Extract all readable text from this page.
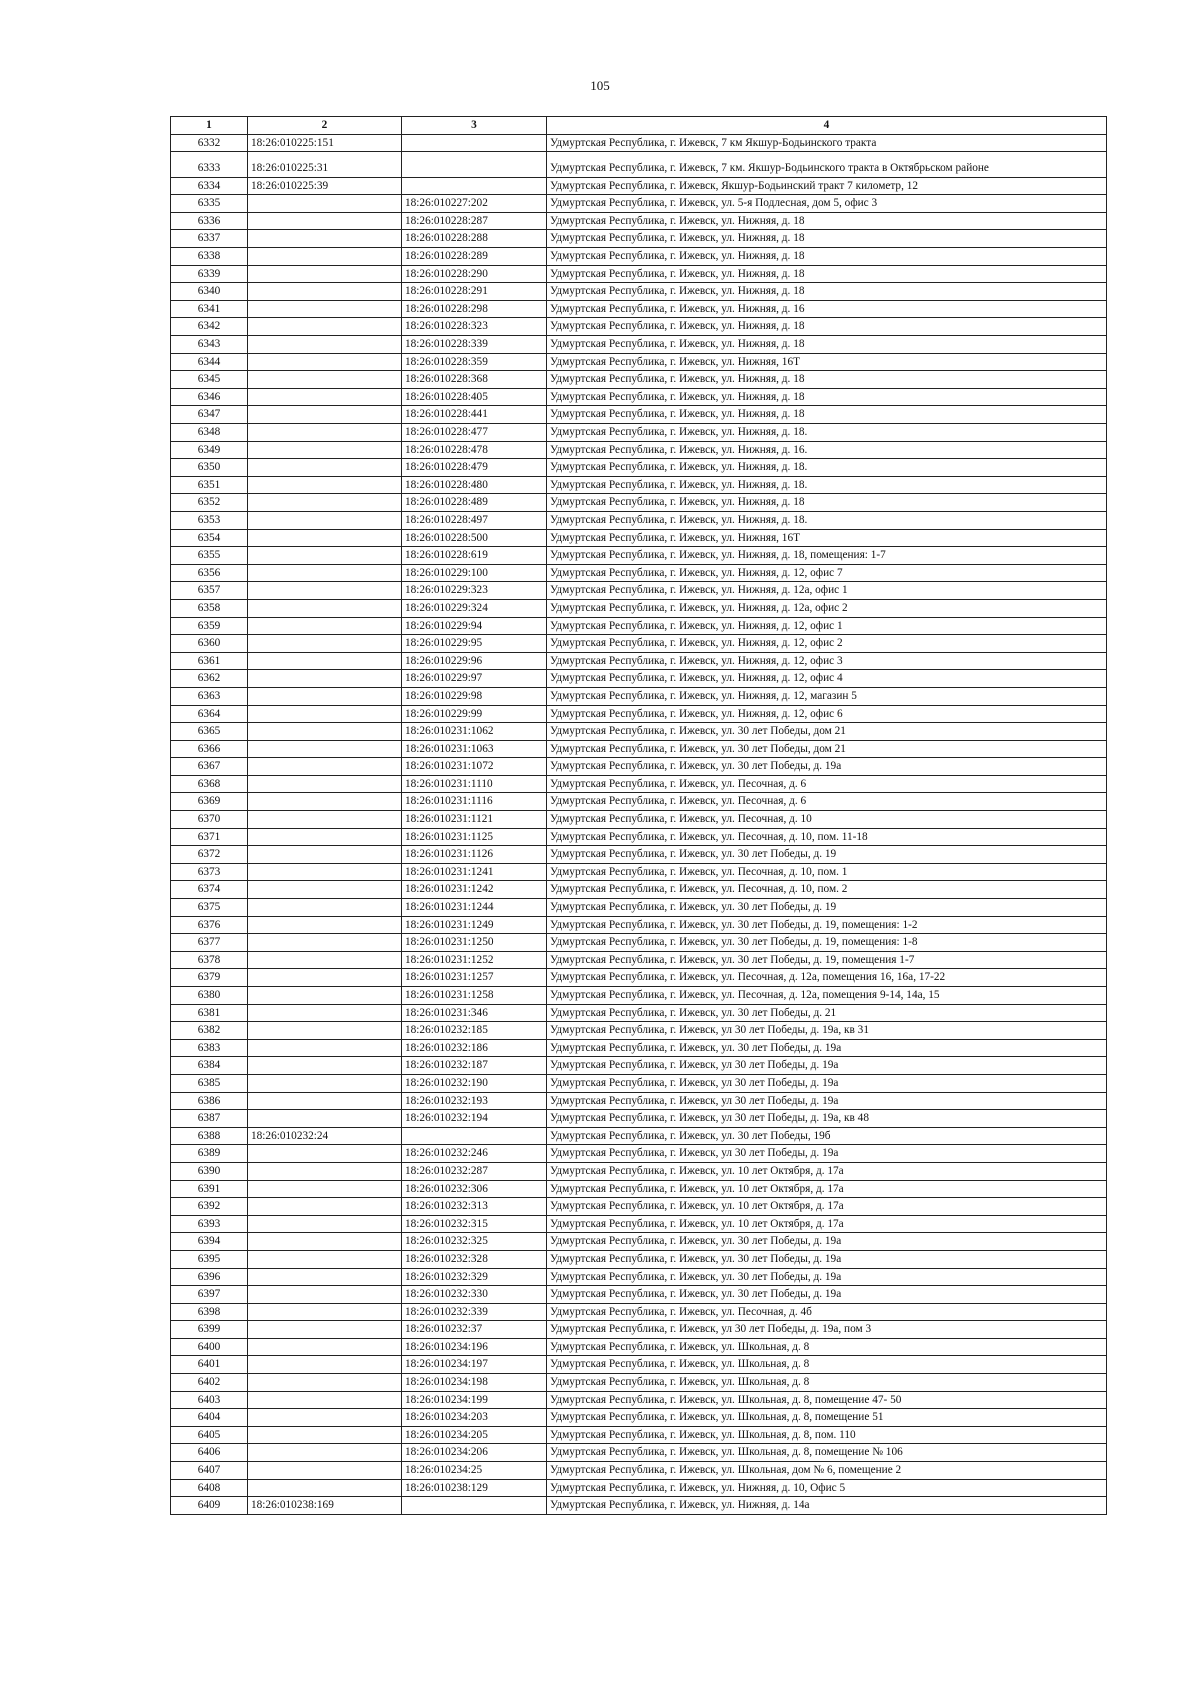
105
1	2	3	4
6332	18:26:010225:151		Удмуртская Республика, г. Ижевск, 7 км Якшур-Бодьинского тракта
6333	18:26:010225:31		Удмуртская Республика, г. Ижевск, 7 км. Якшур-Бодьинского тракта в Октябрьском районе
6334	18:26:010225:39		Удмуртская Республика, г. Ижевск, Якшур-Бодьинский тракт 7 километр, 12
6335		18:26:010227:202	Удмуртская Республика, г. Ижевск, ул. 5-я Подлесная, дом 5, офис 3
6336		18:26:010228:287	Удмуртская Республика, г. Ижевск, ул. Нижняя, д. 18
6337		18:26:010228:288	Удмуртская Республика, г. Ижевск, ул. Нижняя, д. 18
6338		18:26:010228:289	Удмуртская Республика, г. Ижевск, ул. Нижняя, д. 18
6339		18:26:010228:290	Удмуртская Республика, г. Ижевск, ул. Нижняя, д. 18
6340		18:26:010228:291	Удмуртская Республика, г. Ижевск, ул. Нижняя, д. 18
6341		18:26:010228:298	Удмуртская Республика, г. Ижевск, ул. Нижняя, д. 16
6342		18:26:010228:323	Удмуртская Республика, г. Ижевск, ул. Нижняя, д. 18
6343		18:26:010228:339	Удмуртская Республика, г. Ижевск, ул. Нижняя, д. 18
6344		18:26:010228:359	Удмуртская Республика, г. Ижевск, ул. Нижняя, 16Т
6345		18:26:010228:368	Удмуртская Республика, г. Ижевск, ул. Нижняя, д. 18
6346		18:26:010228:405	Удмуртская Республика, г. Ижевск, ул. Нижняя, д. 18
6347		18:26:010228:441	Удмуртская Республика, г. Ижевск, ул. Нижняя, д. 18
6348		18:26:010228:477	Удмуртская Республика, г. Ижевск, ул. Нижняя, д. 18.
6349		18:26:010228:478	Удмуртская Республика, г. Ижевск, ул. Нижняя, д. 16.
6350		18:26:010228:479	Удмуртская Республика, г. Ижевск, ул. Нижняя, д. 18.
6351		18:26:010228:480	Удмуртская Республика, г. Ижевск, ул. Нижняя, д. 18.
6352		18:26:010228:489	Удмуртская Республика, г. Ижевск, ул. Нижняя, д. 18
6353		18:26:010228:497	Удмуртская Республика, г. Ижевск, ул. Нижняя, д. 18.
6354		18:26:010228:500	Удмуртская Республика, г. Ижевск, ул. Нижняя, 16Т
6355		18:26:010228:619	Удмуртская Республика, г. Ижевск, ул. Нижняя, д. 18, помещения: 1-7
6356		18:26:010229:100	Удмуртская Республика, г. Ижевск, ул. Нижняя, д. 12, офис 7
6357		18:26:010229:323	Удмуртская Республика, г. Ижевск, ул. Нижняя, д. 12а, офис 1
6358		18:26:010229:324	Удмуртская Республика, г. Ижевск, ул. Нижняя, д. 12а, офис 2
6359		18:26:010229:94	Удмуртская Республика, г. Ижевск, ул. Нижняя, д. 12, офис 1
6360		18:26:010229:95	Удмуртская Республика, г. Ижевск, ул. Нижняя, д. 12, офис 2
6361		18:26:010229:96	Удмуртская Республика, г. Ижевск, ул. Нижняя, д. 12, офис 3
6362		18:26:010229:97	Удмуртская Республика, г. Ижевск, ул. Нижняя, д. 12, офис 4
6363		18:26:010229:98	Удмуртская Республика, г. Ижевск, ул. Нижняя, д. 12, магазин 5
6364		18:26:010229:99	Удмуртская Республика, г. Ижевск, ул. Нижняя, д. 12, офис 6
6365		18:26:010231:1062	Удмуртская Республика, г. Ижевск, ул. 30 лет Победы, дом 21
6366		18:26:010231:1063	Удмуртская Республика, г. Ижевск, ул. 30 лет Победы, дом 21
6367		18:26:010231:1072	Удмуртская Республика, г. Ижевск, ул. 30 лет Победы, д. 19а
6368		18:26:010231:1110	Удмуртская Республика, г. Ижевск, ул. Песочная, д. 6
6369		18:26:010231:1116	Удмуртская Республика, г. Ижевск, ул. Песочная, д. 6
6370		18:26:010231:1121	Удмуртская Республика, г. Ижевск, ул. Песочная, д. 10
6371		18:26:010231:1125	Удмуртская Республика, г. Ижевск, ул. Песочная, д. 10, пом. 11-18
6372		18:26:010231:1126	Удмуртская Республика, г. Ижевск, ул. 30 лет Победы, д. 19
6373		18:26:010231:1241	Удмуртская Республика, г. Ижевск, ул. Песочная, д. 10, пом. 1
6374		18:26:010231:1242	Удмуртская Республика, г. Ижевск, ул. Песочная, д. 10, пом. 2
6375		18:26:010231:1244	Удмуртская Республика, г. Ижевск, ул. 30 лет Победы, д. 19
6376		18:26:010231:1249	Удмуртская Республика, г. Ижевск, ул. 30 лет Победы, д. 19, помещения: 1-2
6377		18:26:010231:1250	Удмуртская Республика, г. Ижевск, ул. 30 лет Победы, д. 19, помещения: 1-8
6378		18:26:010231:1252	Удмуртская Республика, г. Ижевск, ул. 30 лет Победы, д. 19, помещения 1-7
6379		18:26:010231:1257	Удмуртская Республика, г. Ижевск, ул. Песочная, д. 12а, помещения 16, 16а, 17-22
6380		18:26:010231:1258	Удмуртская Республика, г. Ижевск, ул. Песочная, д. 12а, помещения 9-14, 14а, 15
6381		18:26:010231:346	Удмуртская Республика, г. Ижевск, ул. 30 лет Победы, д. 21
6382		18:26:010232:185	Удмуртская Республика, г. Ижевск, ул 30 лет Победы, д. 19а, кв 31
6383		18:26:010232:186	Удмуртская Республика, г. Ижевск, ул. 30 лет Победы, д. 19а
6384		18:26:010232:187	Удмуртская Республика, г. Ижевск, ул 30 лет Победы, д. 19а
6385		18:26:010232:190	Удмуртская Республика, г. Ижевск, ул 30 лет Победы, д. 19а
6386		18:26:010232:193	Удмуртская Республика, г. Ижевск, ул 30 лет Победы, д. 19а
6387		18:26:010232:194	Удмуртская Республика, г. Ижевск, ул 30 лет Победы, д. 19а, кв 48
6388	18:26:010232:24		Удмуртская Республика, г. Ижевск, ул. 30 лет Победы, 19б
6389		18:26:010232:246	Удмуртская Республика, г. Ижевск, ул 30 лет Победы, д. 19а
6390		18:26:010232:287	Удмуртская Республика, г. Ижевск, ул. 10 лет Октября, д. 17а
6391		18:26:010232:306	Удмуртская Республика, г. Ижевск, ул. 10 лет Октября, д. 17а
6392		18:26:010232:313	Удмуртская Республика, г. Ижевск, ул. 10 лет Октября, д. 17а
6393		18:26:010232:315	Удмуртская Республика, г. Ижевск, ул. 10 лет Октября, д. 17а
6394		18:26:010232:325	Удмуртская Республика, г. Ижевск, ул. 30 лет Победы, д. 19а
6395		18:26:010232:328	Удмуртская Республика, г. Ижевск, ул. 30 лет Победы, д. 19а
6396		18:26:010232:329	Удмуртская Республика, г. Ижевск, ул. 30 лет Победы, д. 19а
6397		18:26:010232:330	Удмуртская Республика, г. Ижевск, ул. 30 лет Победы, д. 19а
6398		18:26:010232:339	Удмуртская Республика, г. Ижевск, ул. Песочная, д. 4б
6399		18:26:010232:37	Удмуртская Республика, г. Ижевск, ул 30 лет Победы, д. 19а, пом 3
6400		18:26:010234:196	Удмуртская Республика, г. Ижевск, ул. Школьная, д. 8
6401		18:26:010234:197	Удмуртская Республика, г. Ижевск, ул. Школьная, д. 8
6402		18:26:010234:198	Удмуртская Республика, г. Ижевск, ул. Школьная, д. 8
6403		18:26:010234:199	Удмуртская Республика, г. Ижевск, ул. Школьная, д. 8, помещение 47- 50
6404		18:26:010234:203	Удмуртская Республика, г. Ижевск, ул. Школьная, д. 8, помещение 51
6405		18:26:010234:205	Удмуртская Республика, г. Ижевск, ул. Школьная, д. 8, пом. 110
6406		18:26:010234:206	Удмуртская Республика, г. Ижевск, ул. Школьная, д. 8, помещение № 106
6407		18:26:010234:25	Удмуртская Республика, г. Ижевск, ул. Школьная, дом № 6, помещение 2
6408		18:26:010238:129	Удмуртская Республика, г. Ижевск, ул. Нижняя, д. 10, Офис 5
6409	18:26:010238:169		Удмуртская Республика, г. Ижевск, ул. Нижняя, д. 14а
